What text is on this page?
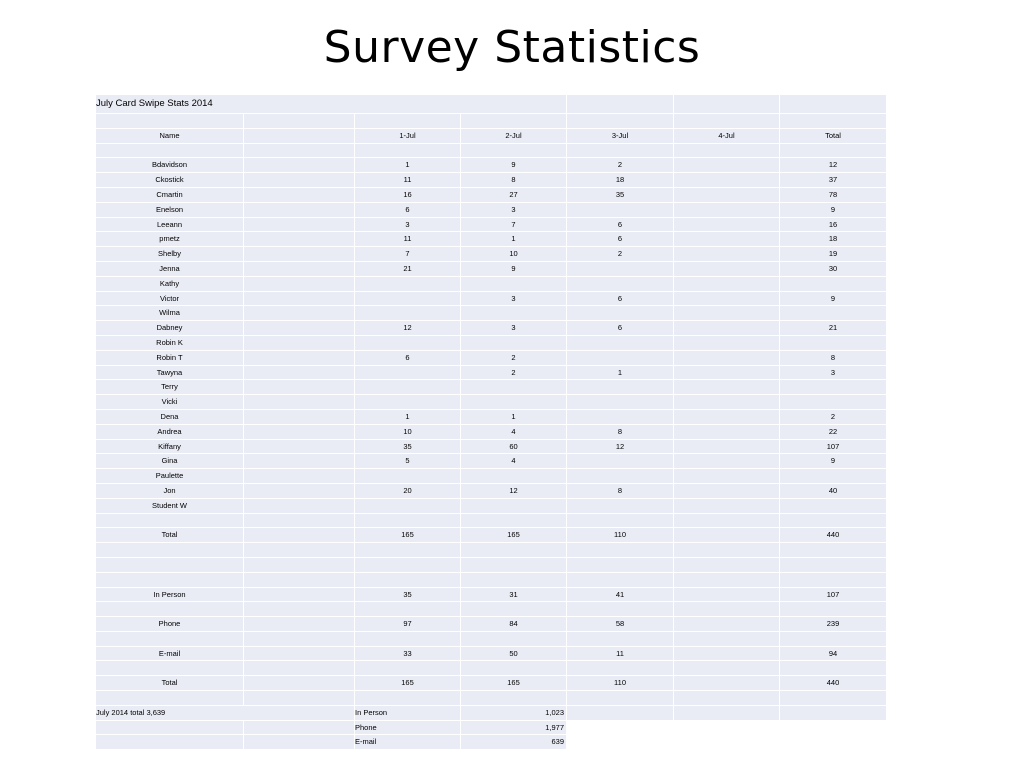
Survey Statistics
July Card Swipe Stats 2014						

Name		1-Jul	2-Jul	3-Jul	4-Jul	Total

Bdavidson		1	9	2		12
Ckostick		11	8	18		37
Cmartin		16	27	35		78
Enelson		6	3			9
Leeann		3	7	6		16
pmetz		11	1	6		18
Shelby		7	10	2		19
Jenna		21	9			30
Kathy						
Victor			3	6		9
Wilma						
Dabney		12	3	6		21
Robin K						
Robin T		6	2			8
Tawyna			2	1		3
Terry						
Vicki						
Dena		1	1			2
Andrea		10	4	8		22
Kiffany		35	60	12		107
Gina		5	4			9
Paulette						
Jon		20	12	8		40
Student W						

Total		165	165	110		440

In Person		35	31	41		107

Phone		97	84	58		239

E-mail		33	50	11		94

Total		165	165	110		440

July 2014 total 3,639		In Person	1,023			
		Phone	1,977			
		E-mail	639			
